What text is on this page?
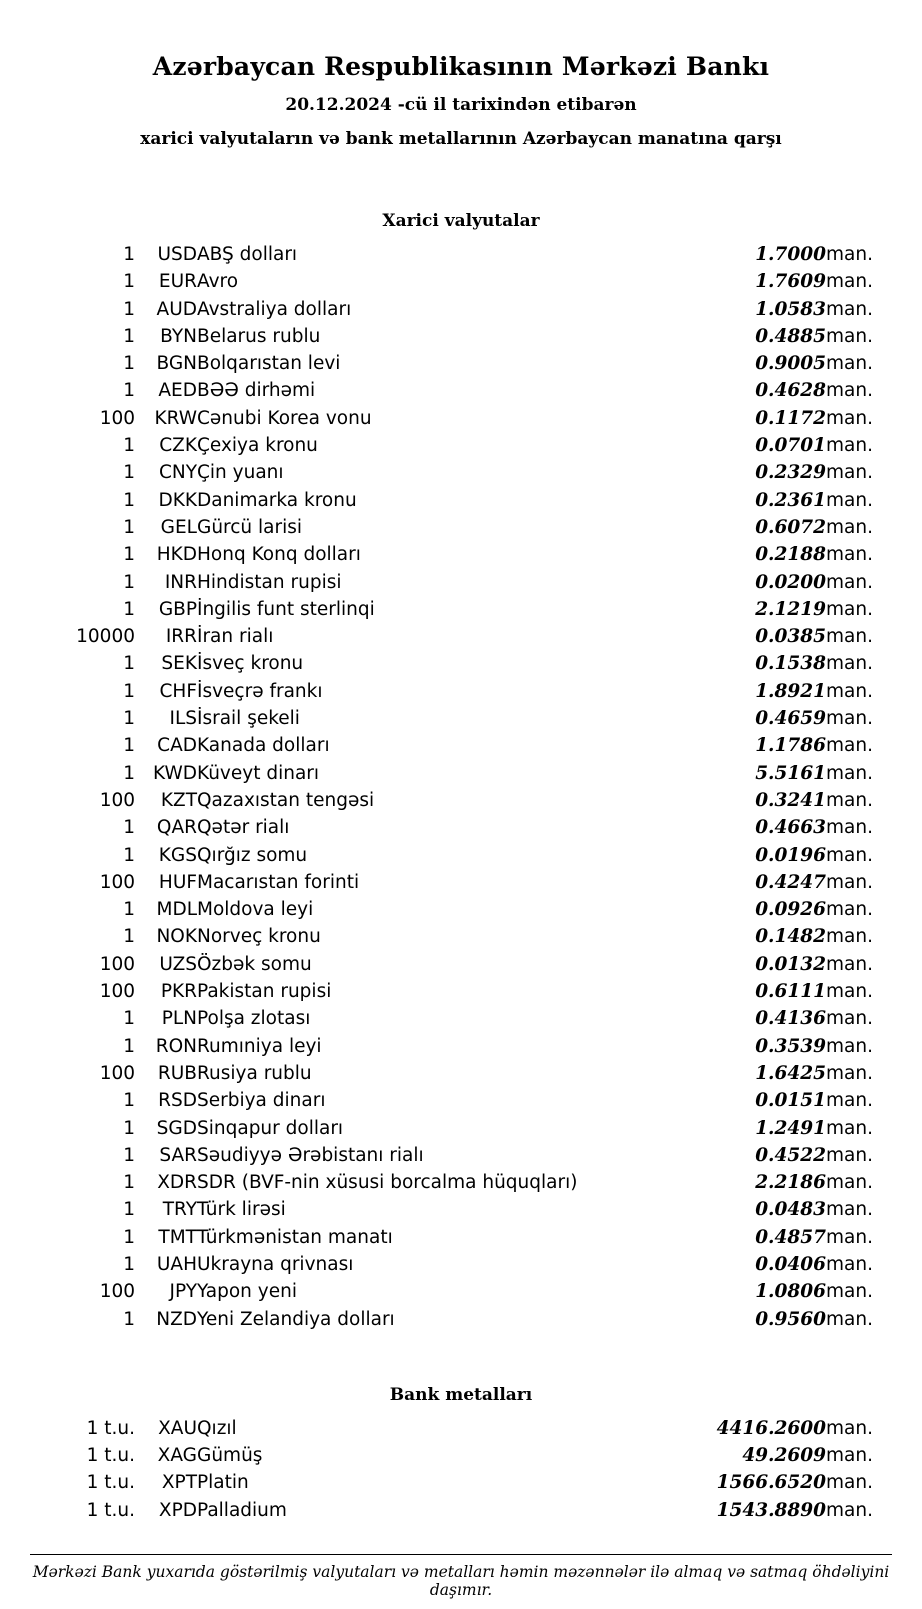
Azərbaycan Respublikasının Mərkəzi Bankı
20.12.2024 -cü il tarixindən etibarən
xarici valyutaların və bank metallarının Azərbaycan manatına qarşı
Xarici valyutalar
1	USD	ABŞ dolları	1.7000	man.
1	EUR	Avro	1.7609	man.
1	AUD	Avstraliya dolları	1.0583	man.
1	BYN	Belarus rublu	0.4885	man.
1	BGN	Bolqarıstan levi	0.9005	man.
1	AED	BƏƏ dirhəmi	0.4628	man.
100	KRW	Cənubi Korea vonu	0.1172	man.
1	CZK	Çexiya kronu	0.0701	man.
1	CNY	Çin yuanı	0.2329	man.
1	DKK	Danimarka kronu	0.2361	man.
1	GEL	Gürcü larisi	0.6072	man.
1	HKD	Honq Konq dolları	0.2188	man.
1	INR	Hindistan rupisi	0.0200	man.
1	GBP	İngilis funt sterlinqi	2.1219	man.
10000	IRR	İran rialı	0.0385	man.
1	SEK	İsveç kronu	0.1538	man.
1	CHF	İsveçrə frankı	1.8921	man.
1	ILS	İsrail şekeli	0.4659	man.
1	CAD	Kanada dolları	1.1786	man.
1	KWD	Küveyt dinarı	5.5161	man.
100	KZT	Qazaxıstan tengəsi	0.3241	man.
1	QAR	Qətər rialı	0.4663	man.
1	KGS	Qırğız somu	0.0196	man.
100	HUF	Macarıstan forinti	0.4247	man.
1	MDL	Moldova leyi	0.0926	man.
1	NOK	Norveç kronu	0.1482	man.
100	UZS	Özbək somu	0.0132	man.
100	PKR	Pakistan rupisi	0.6111	man.
1	PLN	Polşa zlotası	0.4136	man.
1	RON	Rumıniya leyi	0.3539	man.
100	RUB	Rusiya rublu	1.6425	man.
1	RSD	Serbiya dinarı	0.0151	man.
1	SGD	Sinqapur dolları	1.2491	man.
1	SAR	Səudiyyə Ərəbistanı rialı	0.4522	man.
1	XDR	SDR (BVF-nin xüsusi borcalma hüquqları)	2.2186	man.
1	TRY	Türk lirəsi	0.0483	man.
1	TMT	Türkmənistan manatı	0.4857	man.
1	UAH	Ukrayna qrivnası	0.0406	man.
100	JPY	Yapon yeni	1.0806	man.
1	NZD	Yeni Zelandiya dolları	0.9560	man.
Bank metalları
1 t.u.	XAU	Qızıl	4416.2600	man.
1 t.u.	XAG	Gümüş	49.2609	man.
1 t.u.	XPT	Platin	1566.6520	man.
1 t.u.	XPD	Palladium	1543.8890	man.
Mərkəzi Bank yuxarıda göstərilmiş valyutaları və metalları həmin məzənnələr ilə almaq və satmaq öhdəliyini daşımır.
